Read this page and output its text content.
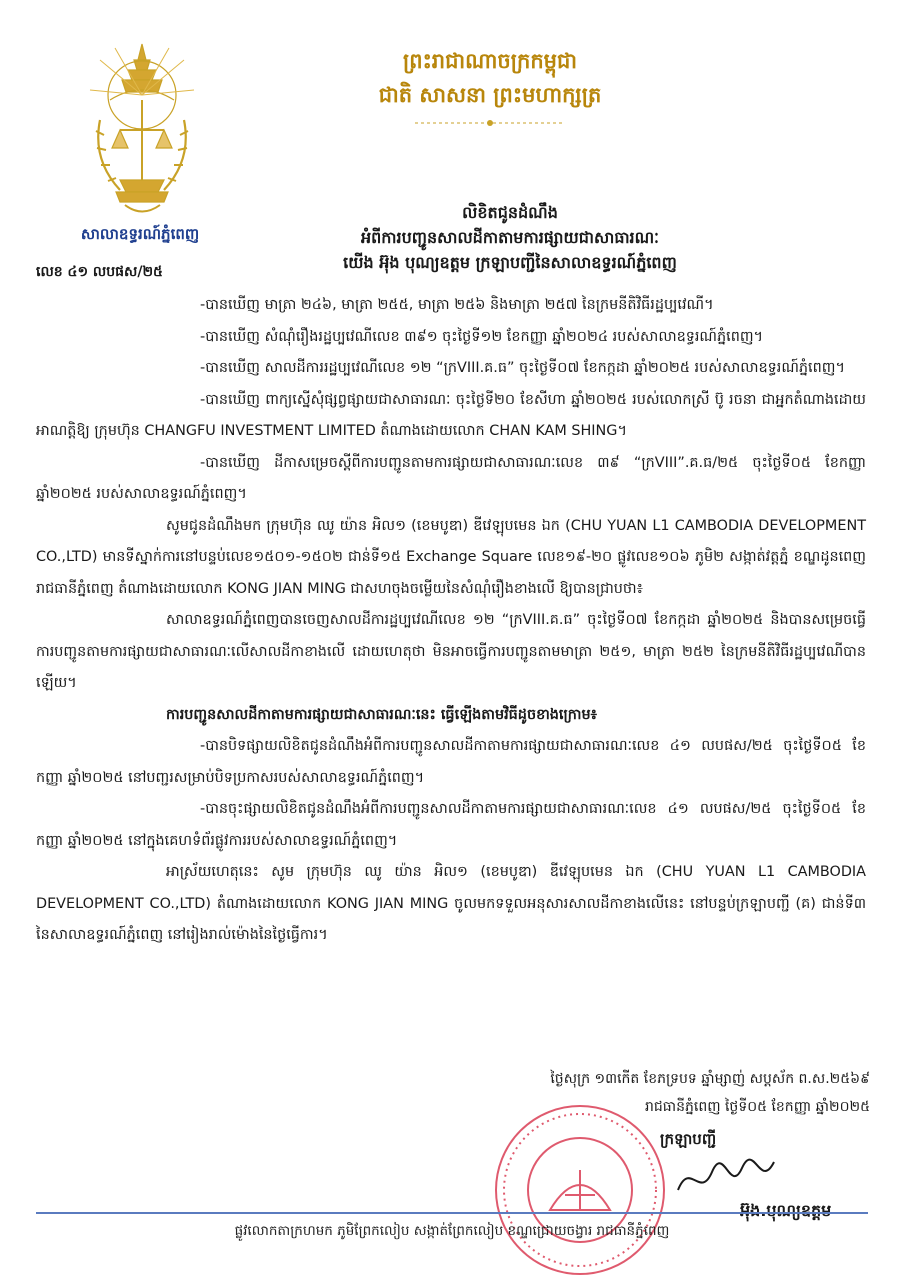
ព្រះរាជាណាចក្រកម្ពុជា
ជាតិ សាសនា ព្រះមហាក្សត្រ
សាលាឧទ្ធរណ៍ភ្នំពេញ
លេខ ៤១ លបផស/២៥
លិខិតជូនដំណឹង
អំពីការបញ្ជូនសាលដីកាតាមការផ្សាយជាសាធារណៈ
យើង អ៊ុង បុណ្យឧត្តម ក្រឡាបញ្ជីនៃសាលាឧទ្ធរណ៍ភ្នំពេញ

-បានឃើញ មាត្រា ២៤៦, មាត្រា ២៥៥, មាត្រា ២៥៦ និងមាត្រា ២៥៧ នៃក្រមនីតិវិធីរដ្ឋប្បវេណី។

-បានឃើញ សំណុំរឿងរដ្ឋប្បវេណីលេខ ៣៩១ ចុះថ្ងៃទី១២ ខែកញ្ញា ឆ្នាំ២០២៤ របស់សាលាឧទ្ធរណ៍ភ្នំពេញ។

-បានឃើញ សាលដីការរដ្ឋប្បវេណីលេខ ១២ “ក្រVIII.គ.ធ” ចុះថ្ងៃទី០៧ ខែកក្កដា ឆ្នាំ២០២៥ របស់សាលាឧទ្ធរណ៍ភ្នំពេញ។

-បានឃើញ ពាក្យស្នើសុំផ្សព្វផ្សាយជាសាធារណៈ ចុះថ្ងៃទី២០ ខែសីហា ឆ្នាំ២០២៥ របស់លោកស្រី ប៊ូ រចនា ជាអ្នកតំណាងដោយអាណត្តិឱ្យ ក្រុមហ៊ុន CHANGFU INVESTMENT LIMITED តំណាងដោយលោក CHAN KAM SHING។

-បានឃើញ ដីកាសម្រេចស្តីពីការបញ្ជូនតាមការផ្សាយជាសាធារណៈលេខ ៣៩ “ក្រVIII”.គ.ធ/២៥ ចុះថ្ងៃទី០៥ ខែកញ្ញា ឆ្នាំ២០២៥ របស់សាលាឧទ្ធរណ៍ភ្នំពេញ។

សូមជូនដំណឹងមក ក្រុមហ៊ុន ឈូ យ៉ាន អិល១ (ខេមបូឌា) ឌីវេឡុបមេន ឯក (CHU YUAN L1 CAMBODIA DEVELOPMENT CO.,LTD) មានទីស្នាក់ការនៅបន្ទប់លេខ១៥០១-១៥០២ ជាន់ទី១៥ Exchange Square លេខ១៩-២០ ផ្លូវលេខ១០៦ ភូមិ២ សង្កាត់វត្តភ្នំ ខណ្ឌដូនពេញ រាជធានីភ្នំពេញ តំណាងដោយលោក KONG JIAN MING ជាសហចុងចម្លើយនៃសំណុំរឿងខាងលើ ឱ្យបានជ្រាបថា៖

សាលាឧទ្ធរណ៍ភ្នំពេញបានចេញសាលដីការដ្ឋប្បវេណីលេខ ១២ “ក្រVIII.គ.ធ” ចុះថ្ងៃទី០៧ ខែកក្កដា ឆ្នាំ២០២៥ និងបានសម្រេចធ្វើការបញ្ជូនតាមការផ្សាយជាសាធារណៈលើសាលដីកាខាងលើ ដោយហេតុថា មិនអាចធ្វើការបញ្ជូនតាមមាត្រា ២៥១, មាត្រា ២៥២ នៃក្រមនីតិវិធីរដ្ឋប្បវេណីបានឡើយ។

ការបញ្ជូនសាលដីកាតាមការផ្សាយជាសាធារណៈនេះ ធ្វើឡើងតាមវិធីដូចខាងក្រោម៖

-បានបិទផ្សាយលិខិតជូនដំណឹងអំពីការបញ្ជូនសាលដីកាតាមការផ្សាយជាសាធារណៈលេខ ៤១ លបផស/២៥ ចុះថ្ងៃទី០៥ ខែកញ្ញា ឆ្នាំ២០២៥ នៅបញ្ជរសម្រាប់បិទប្រកាសរបស់សាលាឧទ្ធរណ៍ភ្នំពេញ។

-បានចុះផ្សាយលិខិតជូនដំណឹងអំពីការបញ្ជូនសាលដីកាតាមការផ្សាយជាសាធារណៈលេខ ៤១ លបផស/២៥ ចុះថ្ងៃទី០៥ ខែកញ្ញា ឆ្នាំ២០២៥ នៅក្នុងគេហទំព័រផ្លូវការរបស់សាលាឧទ្ធរណ៍ភ្នំពេញ។

អាស្រ័យហេតុនេះ សូម ក្រុមហ៊ុន ឈូ យ៉ាន អិល១ (ខេមបូឌា) ឌីវេឡុបមេន ឯក (CHU YUAN L1 CAMBODIA DEVELOPMENT CO.,LTD) តំណាងដោយលោក KONG JIAN MING ចូលមកទទួលអនុសារសាលដីកាខាងលើនេះ នៅបន្ទប់ក្រឡាបញ្ជី (គ) ជាន់ទី៣ នៃសាលាឧទ្ធរណ៍ភ្នំពេញ នៅរៀងរាល់ម៉ោងនៃថ្ងៃធ្វើការ។

ថ្ងៃសុក្រ ១៣កើត ខែភទ្របទ ឆ្នាំម្សាញ់ សប្តស័ក ព.ស.២៥៦៩
រាជធានីភ្នំពេញ ថ្ងៃទី០៥ ខែកញ្ញា ឆ្នាំ២០២៥
ក្រឡាបញ្ជី
អ៊ុង.បុណ្យឧត្តម
ផ្លូវលោកតាក្រហមក ភូមិព្រែកលៀប សង្កាត់ព្រែកលៀប ខណ្ឌជ្រោយចង្វារ រាជធានីភ្នំពេញ
